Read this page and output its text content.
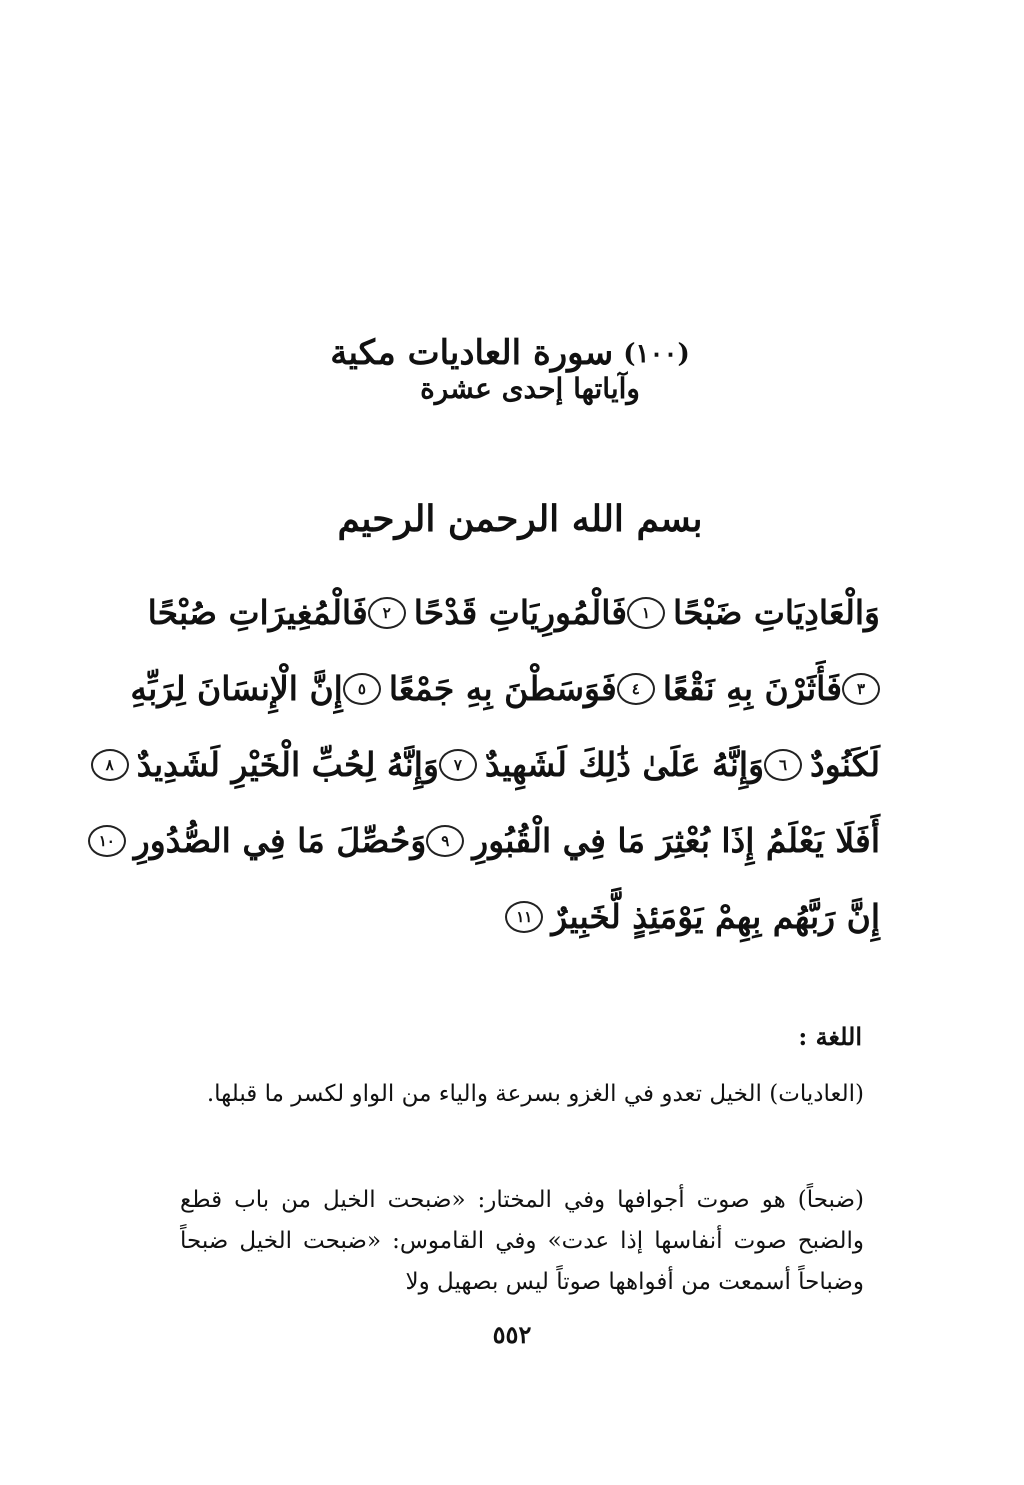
(١٠٠)
سورة العاديات مكية
وآياتها إحدى عشرة
بسم الله الرحمن الرحيم
وَالْعَادِيَاتِ ضَبْحًا
١
فَالْمُورِيَاتِ قَدْحًا
٢
فَالْمُغِيرَاتِ صُبْحًا
٣
فَأَثَرْنَ بِهِ نَقْعًا
٤
فَوَسَطْنَ بِهِ جَمْعًا
٥
إِنَّ الْإِنسَانَ لِرَبِّهِ
لَكَنُودٌ
٦
وَإِنَّهُ عَلَىٰ ذَٰلِكَ لَشَهِيدٌ
٧
وَإِنَّهُ لِحُبِّ الْخَيْرِ لَشَدِيدٌ
٨
أَفَلَا يَعْلَمُ إِذَا بُعْثِرَ مَا فِي الْقُبُورِ
٩
وَحُصِّلَ مَا فِي الصُّدُورِ
١٠
إِنَّ رَبَّهُم بِهِمْ يَوْمَئِذٍ لَّخَبِيرٌ
١١
اللغة :
(العاديات) الخيل تعدو في الغزو بسرعة والياء من الواو لكسر ما قبلها.
(ضبحاً) هو صوت أجوافها وفي المختار: «ضبحت الخيل من باب قطع والضبح صوت أنفاسها إذا عدت» وفي القاموس: «ضبحت الخيل ضبحاً وضباحاً أسمعت من أفواهها صوتاً ليس بصهيل ولا
٥٥٢
